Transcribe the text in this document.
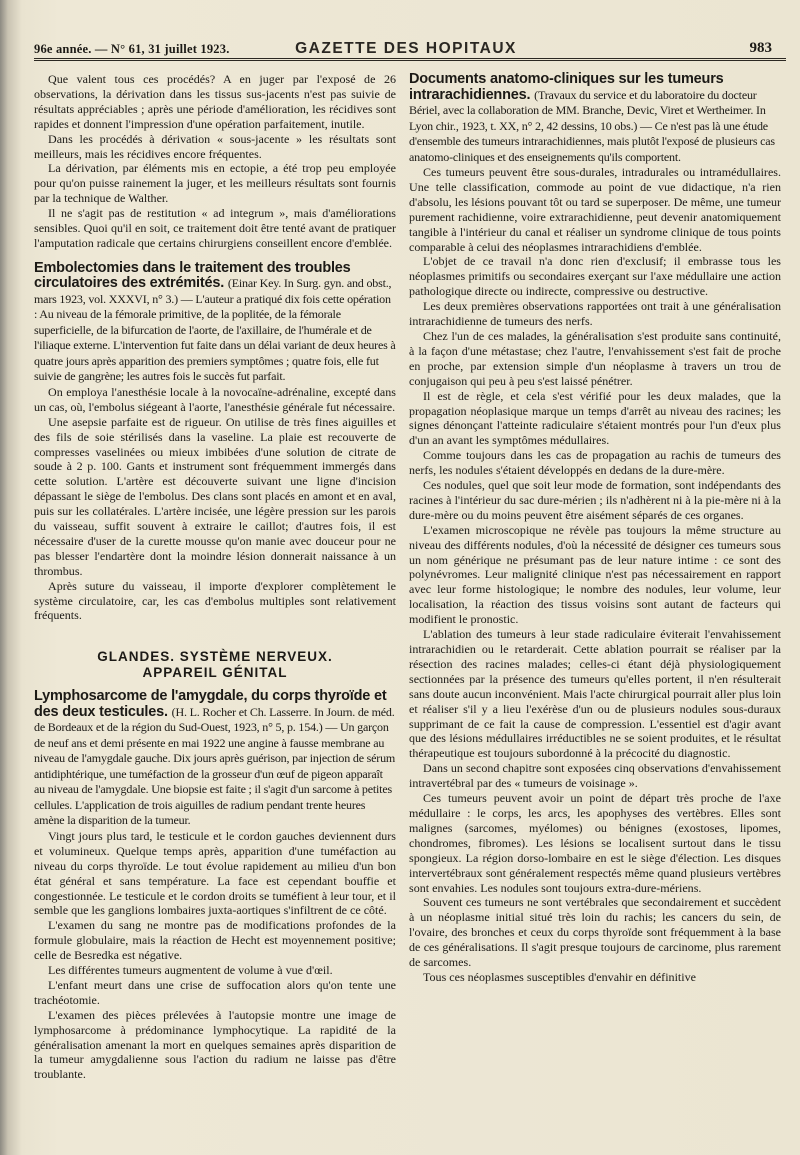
96e année. — N° 61, 31 juillet 1923.	GAZETTE DES HOPITAUX	983

Que valent tous ces procédés? A en juger par l'exposé de 26 observations, la dérivation dans les tissus sus-jacents n'est pas suivie de résultats appréciables ; après une période d'amélioration, les récidives sont rapides et donnent l'impression d'une opération parfaitement, inutile.

Dans les procédés à dérivation « sous-jacente » les résultats sont meilleurs, mais les récidives encore fréquentes.

La dérivation, par éléments mis en ectopie, a été trop peu employée pour qu'on puisse rainement la juger, et les meilleurs résultats sont fournis par la technique de Walther.

Il ne s'agit pas de restitution « ad integrum », mais d'améliorations sensibles. Quoi qu'il en soit, ce traitement doit être tenté avant de pratiquer l'amputation radicale que certains chirurgiens conseillent encore d'emblée.

Embolectomies dans le traitement des troubles circulatoires des extrémités. (Einar Key. In Surg. gyn. and obst., mars 1923, vol. XXXVI, n° 3.) — L'auteur a pratiqué dix fois cette opération : Au niveau de la fémorale primitive, de la poplitée, de la fémorale superficielle, de la bifurcation de l'aorte, de l'axillaire, de l'humérale et de l'iliaque externe. L'intervention fut faite dans un délai variant de deux heures à quatre jours après apparition des premiers symptômes ; quatre fois, elle fut suivie de gangrène; les autres fois le succès fut parfait.

On employa l'anesthésie locale à la novocaïne-adrénaline, excepté dans un cas, où, l'embolus siégeant à l'aorte, l'anesthésie générale fut nécessaire.

Une asepsie parfaite est de rigueur. On utilise de très fines aiguilles et des fils de soie stérilisés dans la vaseline. La plaie est recouverte de compresses vaselinées ou mieux imbibées d'une solution de citrate de soude à 2 p. 100. Gants et instrument sont fréquemment immergés dans cette solution. L'artère est découverte suivant une ligne d'incision dépassant le siège de l'embolus. Des clans sont placés en amont et en aval, puis sur les collatérales. L'artère incisée, une légère pression sur les parois du vaisseau, suffit souvent à extraire le caillot; d'autres fois, il est nécessaire d'user de la curette mousse qu'on manie avec douceur pour ne pas blesser l'endartère dont la moindre lésion donnerait naissance à un thrombus.

Après suture du vaisseau, il importe d'explorer complètement le système circulatoire, car, les cas d'embolus multiples sont relativement fréquents.

GLANDES. SYSTÈME NERVEUX.
APPAREIL GÉNITAL
Lymphosarcome de l'amygdale, du corps thyroïde et des deux testicules. (H. L. Rocher et Ch. Lasserre. In Journ. de méd. de Bordeaux et de la région du Sud-Ouest, 1923, n° 5, p. 154.) — Un garçon de neuf ans et demi présente en mai 1922 une angine à fausse membrane au niveau de l'amygdale gauche. Dix jours après guérison, par injection de sérum antidiphtérique, une tuméfaction de la grosseur d'un œuf de pigeon apparaît au niveau de l'amygdale. Une biopsie est faite ; il s'agit d'un sarcome à petites cellules. L'application de trois aiguilles de radium pendant trente heures amène la disparition de la tumeur.

Vingt jours plus tard, le testicule et le cordon gauches deviennent durs et volumineux. Quelque temps après, apparition d'une tuméfaction au niveau du corps thyroïde. Le tout évolue rapidement au milieu d'un bon état général et sans température. La face est cependant bouffie et congestionnée. Le testicule et le cordon droits se tuméfient à leur tour, et il semble que les ganglions lombaires juxta-aortiques s'infiltrent de ce côté.

L'examen du sang ne montre pas de modifications profondes de la formule globulaire, mais la réaction de Hecht est moyennement positive; celle de Besredka est négative.

Les différentes tumeurs augmentent de volume à vue d'œil.

L'enfant meurt dans une crise de suffocation alors qu'on tente une trachéotomie.

L'examen des pièces prélevées à l'autopsie montre une image de lymphosarcome à prédominance lymphocytique. La rapidité de la généralisation amenant la mort en quelques semaines après disparition de la tumeur amygdalienne sous l'action du radium ne laisse pas d'être troublante.

Documents anatomo-cliniques sur les tumeurs intrarachidiennes. (Travaux du service et du laboratoire du docteur Bériel, avec la collaboration de MM. Branche, Devic, Viret et Wertheimer. In Lyon chir., 1923, t. XX, n° 2, 42 dessins, 10 obs.) — Ce n'est pas là une étude d'ensemble des tumeurs intrarachidiennes, mais plutôt l'exposé de plusieurs cas anatomo-cliniques et des enseignements qu'ils comportent.

Ces tumeurs peuvent être sous-durales, intradurales ou intramédullaires. Une telle classification, commode au point de vue didactique, n'a rien d'absolu, les lésions pouvant tôt ou tard se superposer. De même, une tumeur purement rachidienne, voire extrarachidienne, peut devenir anatomiquement tangible à l'intérieur du canal et réaliser un syndrome clinique de tous points comparable à celui des néoplasmes intrarachidiens d'emblée.

L'objet de ce travail n'a donc rien d'exclusif; il embrasse tous les néoplasmes primitifs ou secondaires exerçant sur l'axe médullaire une action pathologique directe ou indirecte, compressive ou destructive.

Les deux premières observations rapportées ont trait à une généralisation intrarachidienne de tumeurs des nerfs.

Chez l'un de ces malades, la généralisation s'est produite sans continuité, à la façon d'une métastase; chez l'autre, l'envahissement s'est fait de proche en proche, par extension simple d'un néoplasme à travers un trou de conjugaison qui peu à peu s'est laissé pénétrer.

Il est de règle, et cela s'est vérifié pour les deux malades, que la propagation néoplasique marque un temps d'arrêt au niveau des racines; les signes dénonçant l'atteinte radiculaire s'étaient montrés pour l'un d'eux plus d'un an avant les symptômes médullaires.

Comme toujours dans les cas de propagation au rachis de tumeurs des nerfs, les nodules s'étaient développés en dedans de la dure-mère.

Ces nodules, quel que soit leur mode de formation, sont indépendants des racines à l'intérieur du sac dure-mérien ; ils n'adhèrent ni à la pie-mère ni à la dure-mère ou du moins peuvent être aisément séparés de ces organes.

L'examen microscopique ne révèle pas toujours la même structure au niveau des différents nodules, d'où la nécessité de désigner ces tumeurs sous un nom générique ne présumant pas de leur nature intime : ce sont des polynévromes. Leur malignité clinique n'est pas nécessairement en rapport avec leur forme histologique; le nombre des nodules, leur volume, leur localisation, la réaction des tissus voisins sont autant de facteurs qui modifient le pronostic.

L'ablation des tumeurs à leur stade radiculaire éviterait l'envahissement intrarachidien ou le retarderait. Cette ablation pourrait se réaliser par la résection des racines malades; celles-ci étant déjà physiologiquement sectionnées par la présence des tumeurs qu'elles portent, il n'en résulterait sans doute aucun inconvénient. Mais l'acte chirurgical pourrait aller plus loin et réaliser s'il y a lieu l'exérèse d'un ou de plusieurs nodules sous-duraux supprimant de ce fait la cause de compression. L'essentiel est d'agir avant que des lésions médullaires irréductibles ne se soient produites, et le résultat thérapeutique est toujours subordonné à la précocité du diagnostic.

Dans un second chapitre sont exposées cinq observations d'envahissement intravertébral par des « tumeurs de voisinage ».

Ces tumeurs peuvent avoir un point de départ très proche de l'axe médullaire : le corps, les arcs, les apophyses des vertèbres. Elles sont malignes (sarcomes, myélomes) ou bénignes (exostoses, lipomes, chondromes, fibromes). Les lésions se localisent surtout dans le tissu spongieux. La région dorso-lombaire en est le siège d'élection. Les disques intervertébraux sont généralement respectés même quand plusieurs vertèbres sont envahies. Les nodules sont toujours extra-dure-mériens.

Souvent ces tumeurs ne sont vertébrales que secondairement et succèdent à un néoplasme initial situé très loin du rachis; les cancers du sein, de l'ovaire, des bronches et ceux du corps thyroïde sont fréquemment à la base de ces généralisations. Il s'agit presque toujours de carcinome, plus rarement de sarcomes.

Tous ces néoplasmes susceptibles d'envahir en définitive
